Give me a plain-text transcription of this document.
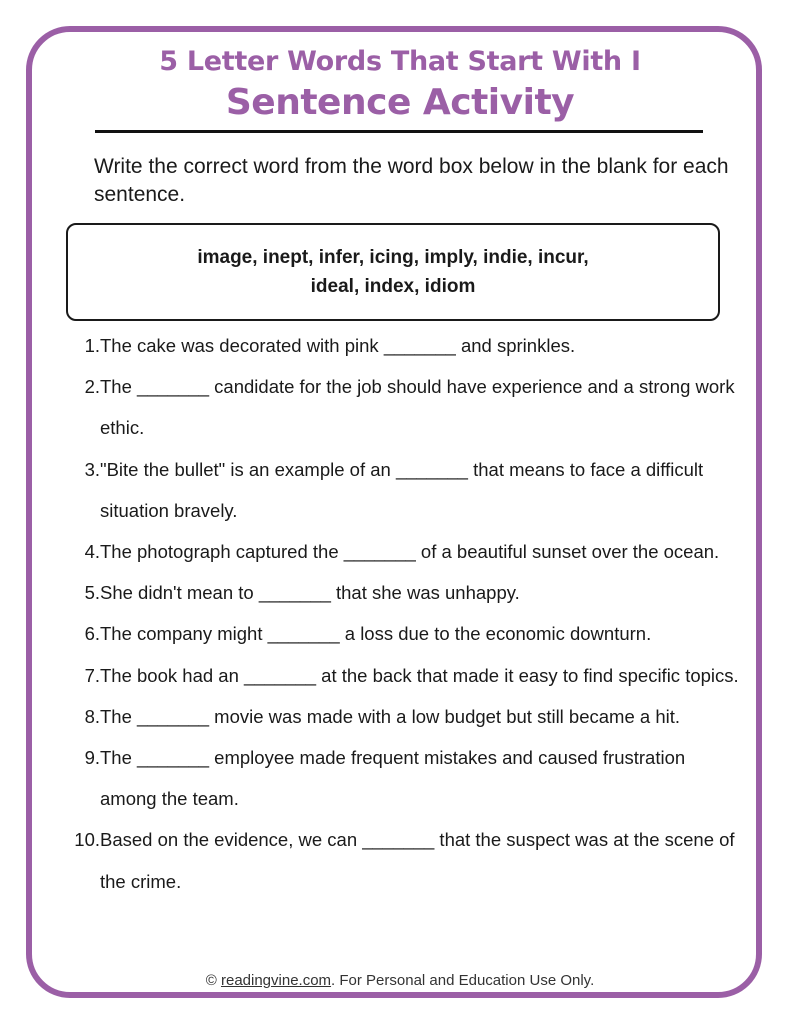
5 Letter Words That Start With I
Sentence Activity
Write the correct word from the word box below in the blank for each sentence.
image, inept, infer, icing, imply, indie, incur,
ideal, index, idiom
1. The cake was decorated with pink _______ and sprinkles.
2. The _______ candidate for the job should have experience and a strong work ethic.
3. "Bite the bullet" is an example of an _______ that means to face a difficult situation bravely.
4. The photograph captured the _______ of a beautiful sunset over the ocean.
5. She didn't mean to _______ that she was unhappy.
6. The company might _______ a loss due to the economic downturn.
7. The book had an _______ at the back that made it easy to find specific topics.
8. The _______ movie was made with a low budget but still became a hit.
9. The _______ employee made frequent mistakes and caused frustration among the team.
10. Based on the evidence, we can _______ that the suspect was at the scene of the crime.
© readingvine.com. For Personal and Education Use Only.
